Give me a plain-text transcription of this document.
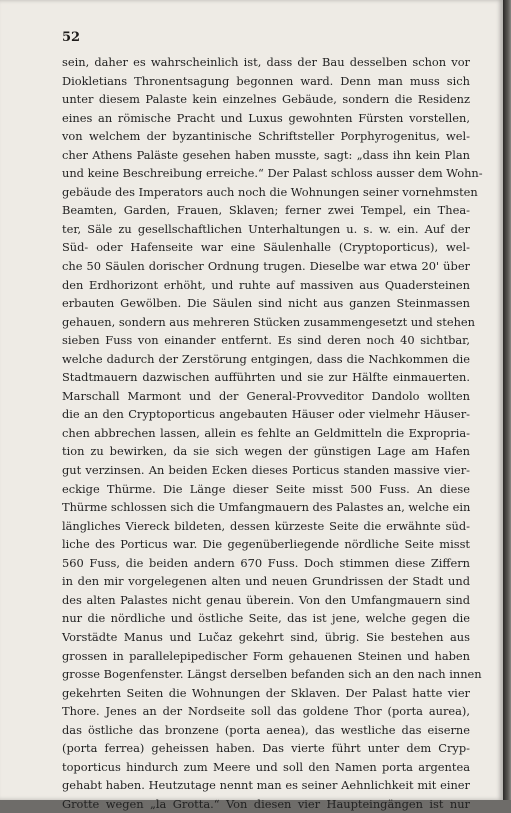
52
sein, daher es wahrscheinlich ist, dass der Bau desselben schon vor
Diokletians Thronentsagung begonnen ward. Denn man muss sich
unter diesem Palaste kein einzelnes Gebäude, sondern die Residenz
eines an römische Pracht und Luxus gewohnten Fürsten vorstellen,
von welchem der byzantinische Schriftsteller Porphyrogenitus, wel-
cher Athens Paläste gesehen haben musste, sagt: „dass ihn kein Plan
und keine Beschreibung erreiche.“ Der Palast schloss ausser dem Wohn-
gebäude des Imperators auch noch die Wohnungen seiner vornehmsten
Beamten, Garden, Frauen, Sklaven; ferner zwei Tempel, ein Thea-
ter, Säle zu gesellschaftlichen Unterhaltungen u. s. w. ein. Auf der
Süd- oder Hafenseite war eine Säulenhalle (Cryptoporticus), wel-
che 50 Säulen dorischer Ordnung trugen. Dieselbe war etwa 20' über
den Erdhorizont erhöht, und ruhte auf massiven aus Quadersteinen
erbauten Gewölben. Die Säulen sind nicht aus ganzen Steinmassen
gehauen, sondern aus mehreren Stücken zusammengesetzt und stehen
sieben Fuss von einander entfernt. Es sind deren noch 40 sichtbar,
welche dadurch der Zerstörung entgingen, dass die Nachkommen die
Stadtmauern dazwischen aufführten und sie zur Hälfte einmauerten.
Marschall Marmont und der General-Provveditor Dandolo wollten
die an den Cryptoporticus angebauten Häuser oder vielmehr Häuser-
chen abbrechen lassen, allein es fehlte an Geldmitteln die Expropria-
tion zu bewirken, da sie sich wegen der günstigen Lage am Hafen
gut verzinsen. An beiden Ecken dieses Porticus standen massive vier-
eckige Thürme. Die Länge dieser Seite misst 500 Fuss. An diese
Thürme schlossen sich die Umfangmauern des Palastes an, welche ein
längliches Viereck bildeten, dessen kürzeste Seite die erwähnte süd-
liche des Porticus war. Die gegenüberliegende nördliche Seite misst
560 Fuss, die beiden andern 670 Fuss. Doch stimmen diese Ziffern
in den mir vorgelegenen alten und neuen Grundrissen der Stadt und
des alten Palastes nicht genau überein. Von den Umfangmauern sind
nur die nördliche und östliche Seite, das ist jene, welche gegen die
Vorstädte Manus und Lučaz gekehrt sind, übrig. Sie bestehen aus
grossen in parallelepipedischer Form gehauenen Steinen und haben
grosse Bogenfenster. Längst derselben befanden sich an den nach innen
gekehrten Seiten die Wohnungen der Sklaven. Der Palast hatte vier
Thore. Jenes an der Nordseite soll das goldene Thor (porta aurea),
das östliche das bronzene (porta aenea), das westliche das eiserne
(porta ferrea) geheissen haben. Das vierte führt unter dem Cryp-
toporticus hindurch zum Meere und soll den Namen porta argentea
gehabt haben. Heutzutage nennt man es seiner Aehnlichkeit mit einer
Grotte wegen „la Grotta.“ Von diesen vier Haupteingängen ist nur
